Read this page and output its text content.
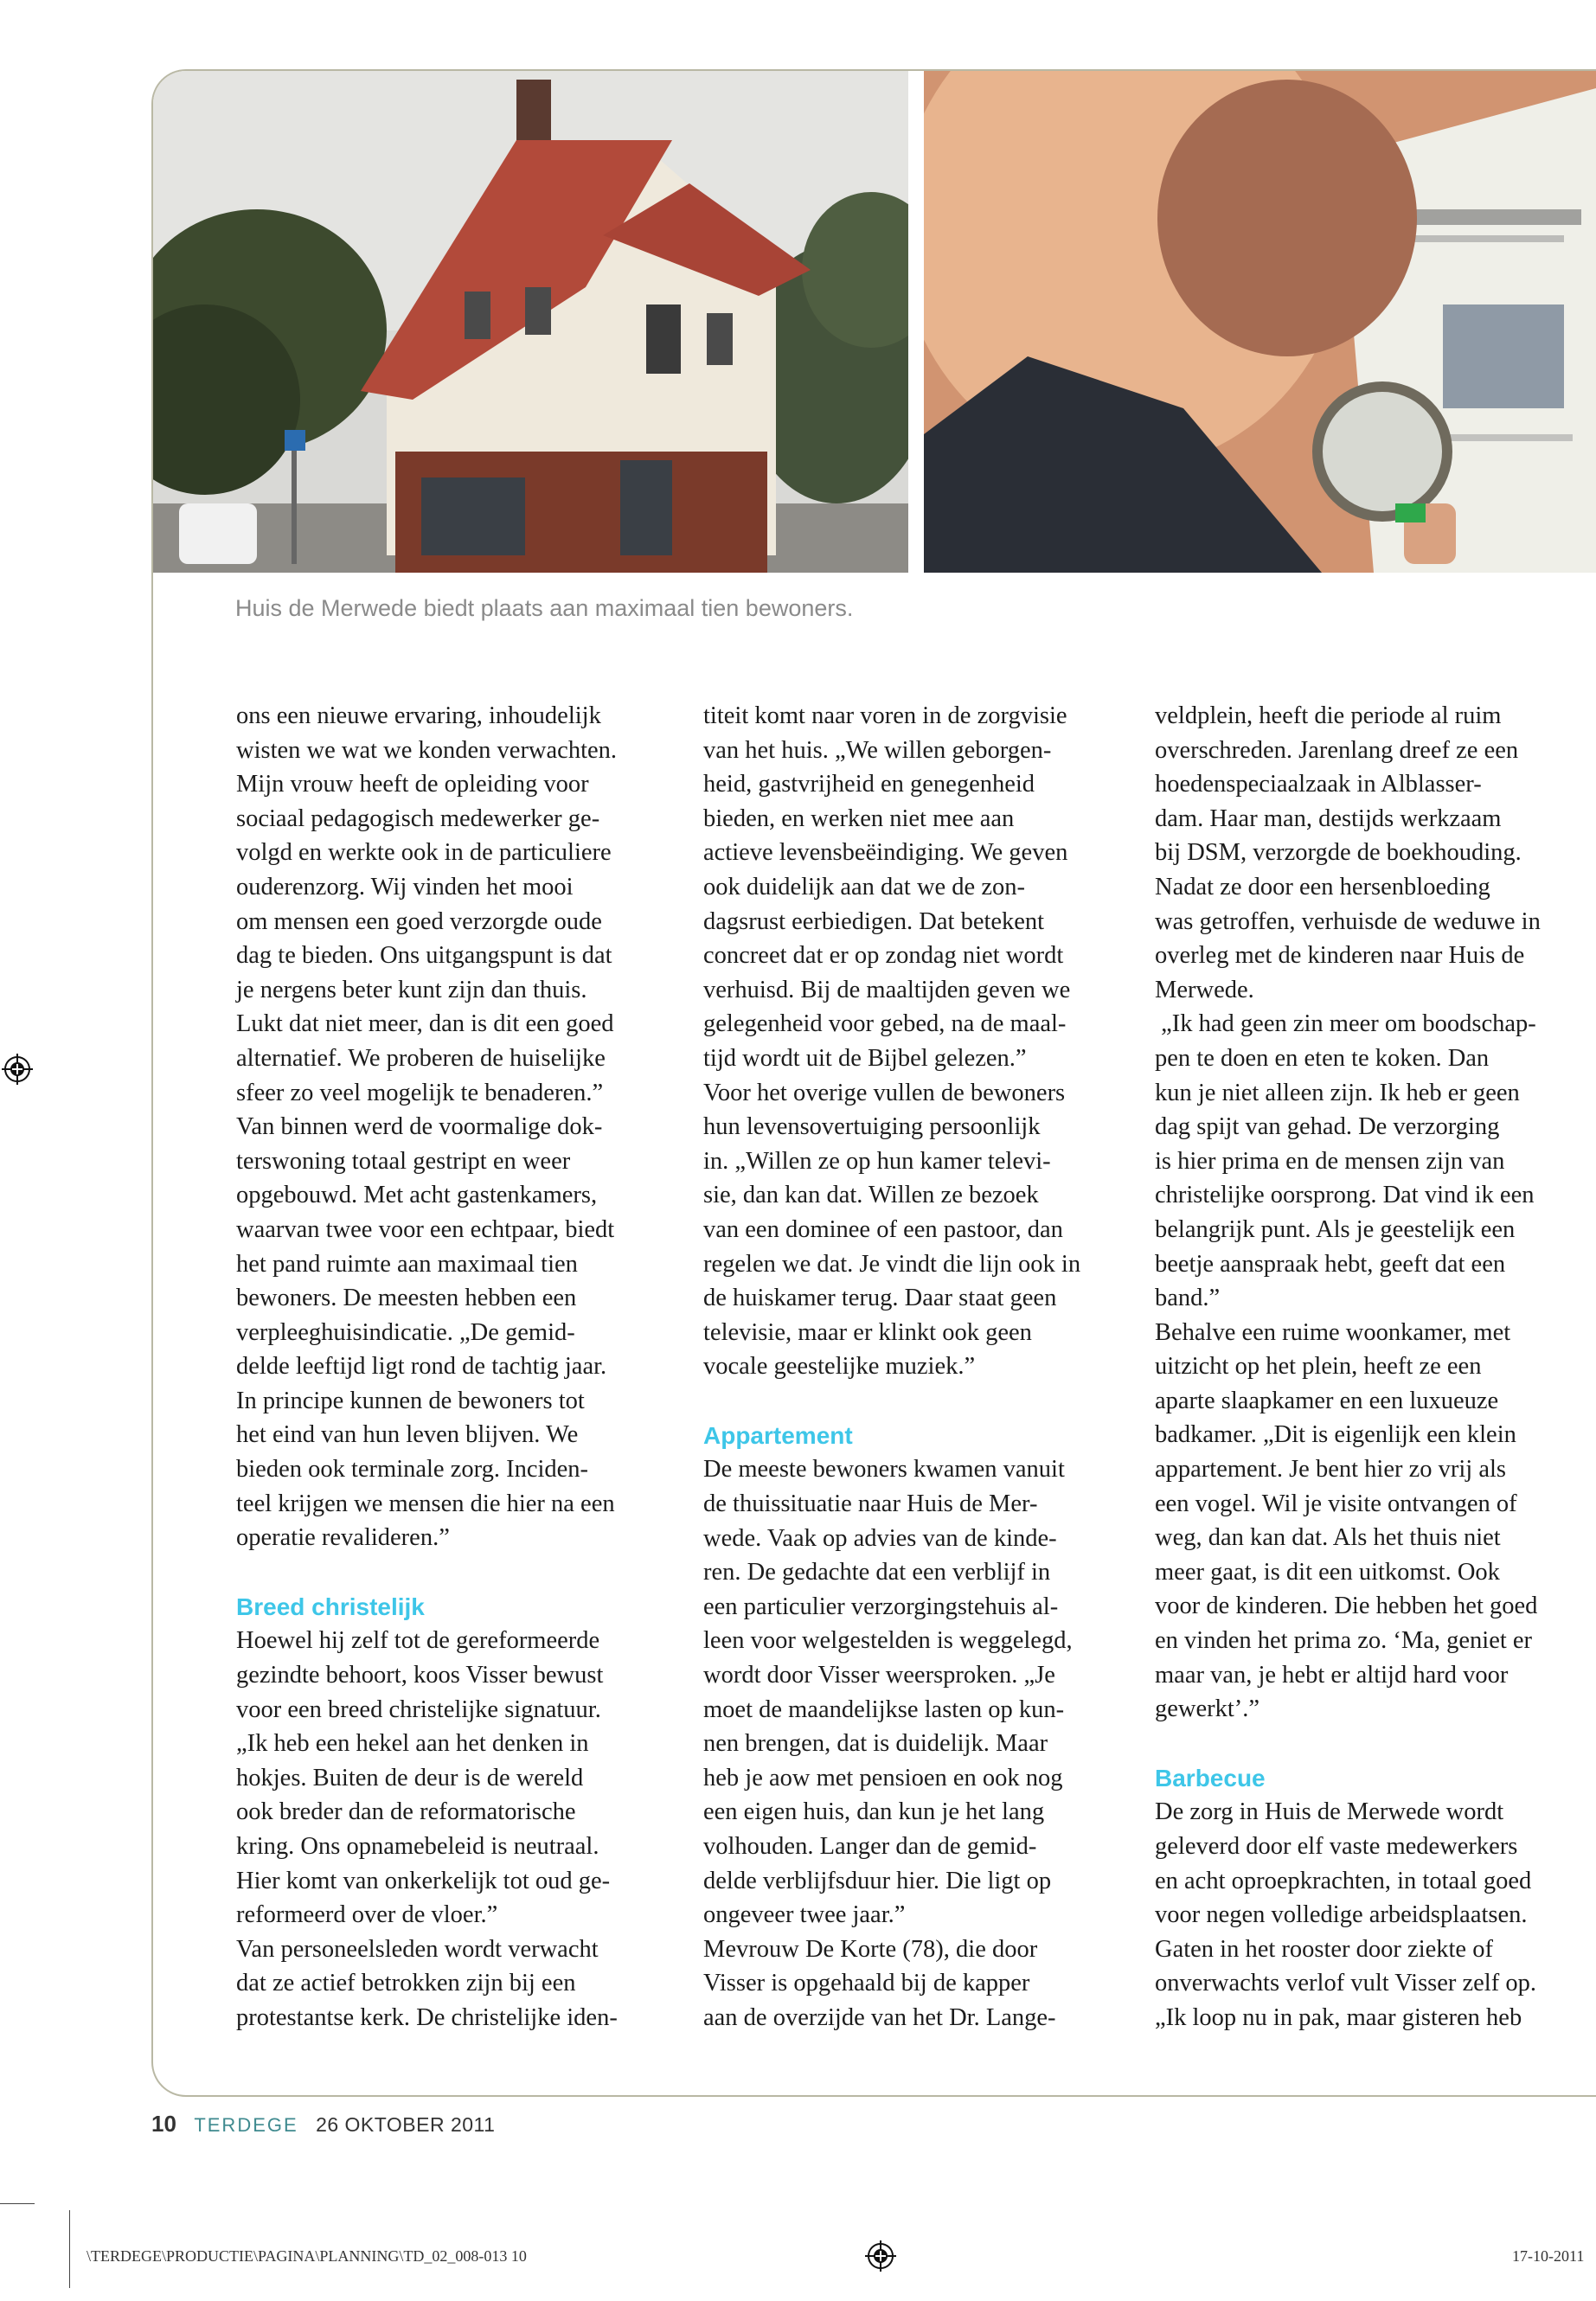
Huis de Merwede biedt plaats aan maximaal tien bewoners.

ons een nieuwe ervaring, inhoudelijk
wisten we wat we konden verwachten.
Mijn vrouw heeft de opleiding voor
sociaal pedagogisch medewerker ge-
volgd en werkte ook in de particuliere
ouderenzorg. Wij vinden het mooi
om mensen een goed verzorgde oude
dag te bieden. Ons uitgangspunt is dat
je nergens beter kunt zijn dan thuis.
Lukt dat niet meer, dan is dit een goed
alternatief. We proberen de huiselijke
sfeer zo veel mogelijk te benaderen.”
Van binnen werd de voormalige dok-
terswoning totaal gestript en weer
opgebouwd. Met acht gastenkamers,
waarvan twee voor een echtpaar, biedt
het pand ruimte aan maximaal tien
bewoners. De meesten hebben een
verpleeghuisindicatie. „De gemid-
delde leeftijd ligt rond de tachtig jaar.
In principe kunnen de bewoners tot
het eind van hun leven blijven. We
bieden ook terminale zorg. Inciden-
teel krijgen we mensen die hier na een
operatie revalideren.”

Breed christelijk

Hoewel hij zelf tot de gereformeerde
gezindte behoort, koos Visser bewust
voor een breed christelijke signatuur.
„Ik heb een hekel aan het denken in
hokjes. Buiten de deur is de wereld
ook breder dan de reformatorische
kring. Ons opnamebeleid is neutraal.
Hier komt van onkerkelijk tot oud ge-
reformeerd over de vloer.”
Van personeelsleden wordt verwacht
dat ze actief betrokken zijn bij een
protestantse kerk. De christelijke iden-

titeit komt naar voren in de zorgvisie
van het huis. „We willen geborgen-
heid, gastvrijheid en genegenheid
bieden, en werken niet mee aan
actieve levensbeëindiging. We geven
ook duidelijk aan dat we de zon-
dagsrust eerbiedigen. Dat betekent
concreet dat er op zondag niet wordt
verhuisd. Bij de maaltijden geven we
gelegenheid voor gebed, na de maal-
tijd wordt uit de Bijbel gelezen.”
Voor het overige vullen de bewoners
hun levensovertuiging persoonlijk
in. „Willen ze op hun kamer televi-
sie, dan kan dat. Willen ze bezoek
van een dominee of een pastoor, dan
regelen we dat. Je vindt die lijn ook in
de huiskamer terug. Daar staat geen
televisie, maar er klinkt ook geen
vocale geestelijke muziek.”

Appartement

De meeste bewoners kwamen vanuit
de thuissituatie naar Huis de Mer-
wede. Vaak op advies van de kinde-
ren. De gedachte dat een verblijf in
een particulier verzorgingstehuis al-
leen voor welgestelden is weggelegd,
wordt door Visser weersproken. „Je
moet de maandelijkse lasten op kun-
nen brengen, dat is duidelijk. Maar
heb je aow met pensioen en ook nog
een eigen huis, dan kun je het lang
volhouden. Langer dan de gemid-
delde verblijfsduur hier. Die ligt op
ongeveer twee jaar.”
Mevrouw De Korte (78), die door
Visser is opgehaald bij de kapper
aan de overzijde van het Dr. Lange-

veldplein, heeft die periode al ruim
overschreden. Jarenlang dreef ze een
hoedenspeciaalzaak in Alblasser-
dam. Haar man, destijds werkzaam
bij DSM, verzorgde de boekhouding.
Nadat ze door een hersenbloeding
was getroffen, verhuisde de weduwe in
overleg met de kinderen naar Huis de
Merwede.
„Ik had geen zin meer om boodschap-
pen te doen en eten te koken. Dan
kun je niet alleen zijn. Ik heb er geen
dag spijt van gehad. De verzorging
is hier prima en de mensen zijn van
christelijke oorsprong. Dat vind ik een
belangrijk punt. Als je geestelijk een
beetje aanspraak hebt, geeft dat een
band.”
Behalve een ruime woonkamer, met
uitzicht op het plein, heeft ze een
aparte slaapkamer en een luxueuze
badkamer. „Dit is eigenlijk een klein
appartement. Je bent hier zo vrij als
een vogel. Wil je visite ontvangen of
weg, dan kan dat. Als het thuis niet
meer gaat, is dit een uitkomst. Ook
voor de kinderen. Die hebben het goed
en vinden het prima zo. ‘Ma, geniet er
maar van, je hebt er altijd hard voor
gewerkt’.”

Barbecue

De zorg in Huis de Merwede wordt
geleverd door elf vaste medewerkers
en acht oproepkrachten, in totaal goed
voor negen volledige arbeidsplaatsen.
Gaten in het rooster door ziekte of
onverwachts verlof vult Visser zelf op.
„Ik loop nu in pak, maar gisteren heb

10 TERDEGE 26 OKTOBER 2011
\TERDEGE\PRODUCTIE\PAGINA\PLANNING\TD_02_008-013 10	17-10-2011
